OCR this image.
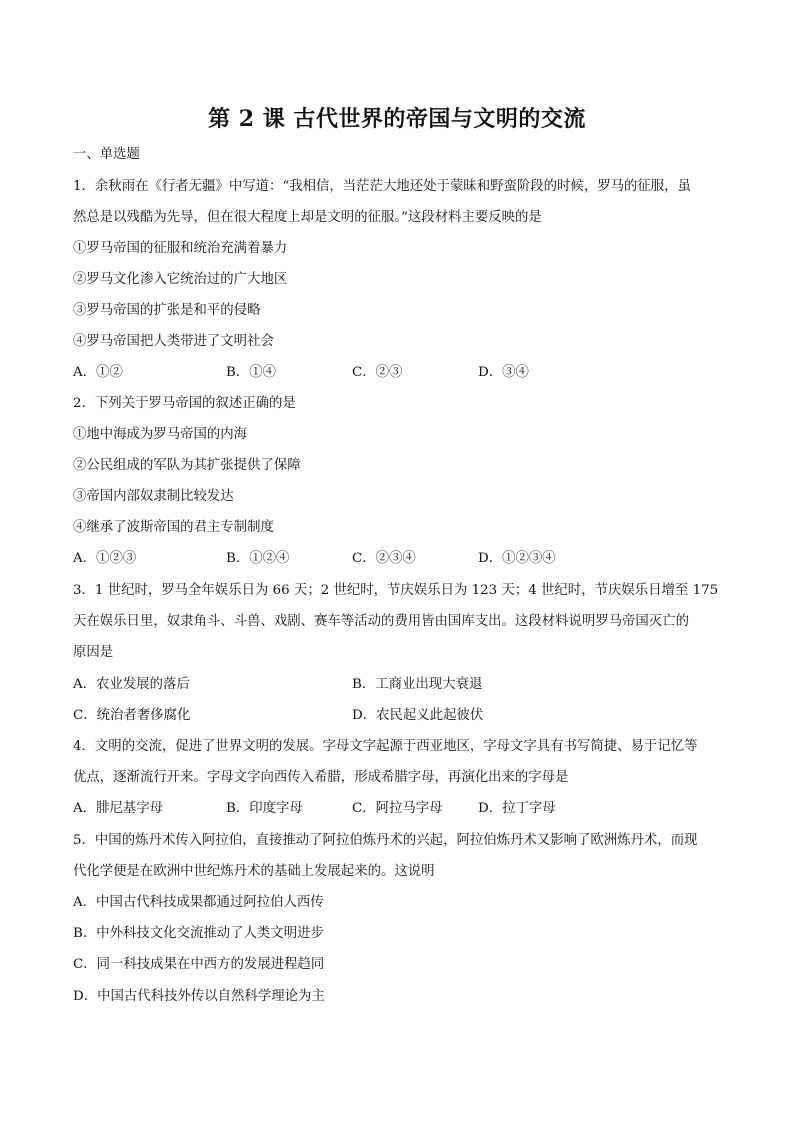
第 2 课 古代世界的帝国与文明的交流
一、单选题
1．余秋雨在《行者无疆》中写道：“我相信，当茫茫大地还处于蒙昧和野蛮阶段的时候，罗马的征服，虽
然总是以残酷为先导，但在很大程度上却是文明的征服。”这段材料主要反映的是
①罗马帝国的征服和统治充满着暴力
②罗马文化渗入它统治过的广大地区
③罗马帝国的扩张是和平的侵略
④罗马帝国把人类带进了文明社会
A．①②	B．①④	C．②③	D．③④
2．下列关于罗马帝国的叙述正确的是
①地中海成为罗马帝国的内海
②公民组成的军队为其扩张提供了保障
③帝国内部奴隶制比较发达
④继承了波斯帝国的君主专制制度
A．①②③	B．①②④	C．②③④	D．①②③④
3．1 世纪时，罗马全年娱乐日为 66 天；2 世纪时，节庆娱乐日为 123 天；4 世纪时，节庆娱乐日增至 175
天在娱乐日里，奴隶角斗、斗兽、戏剧、赛车等活动的费用皆由国库支出。这段材料说明罗马帝国灭亡的
原因是
A．农业发展的落后	B．工商业出现大衰退
C．统治者奢侈腐化	D．农民起义此起彼伏
4．文明的交流，促进了世界文明的发展。字母文字起源于西亚地区，字母文字具有书写简捷、易于记忆等
优点，逐渐流行开来。字母文字向西传入希腊，形成希腊字母，再演化出来的字母是
A．腓尼基字母	B．印度字母	C．阿拉马字母	D．拉丁字母
5．中国的炼丹术传入阿拉伯，直接推动了阿拉伯炼丹术的兴起，阿拉伯炼丹术又影响了欧洲炼丹术，而现
代化学便是在欧洲中世纪炼丹术的基础上发展起来的。这说明
A．中国古代科技成果都通过阿拉伯人西传
B．中外科技文化交流推动了人类文明进步
C．同一科技成果在中西方的发展进程趋同
D．中国古代科技外传以自然科学理论为主
